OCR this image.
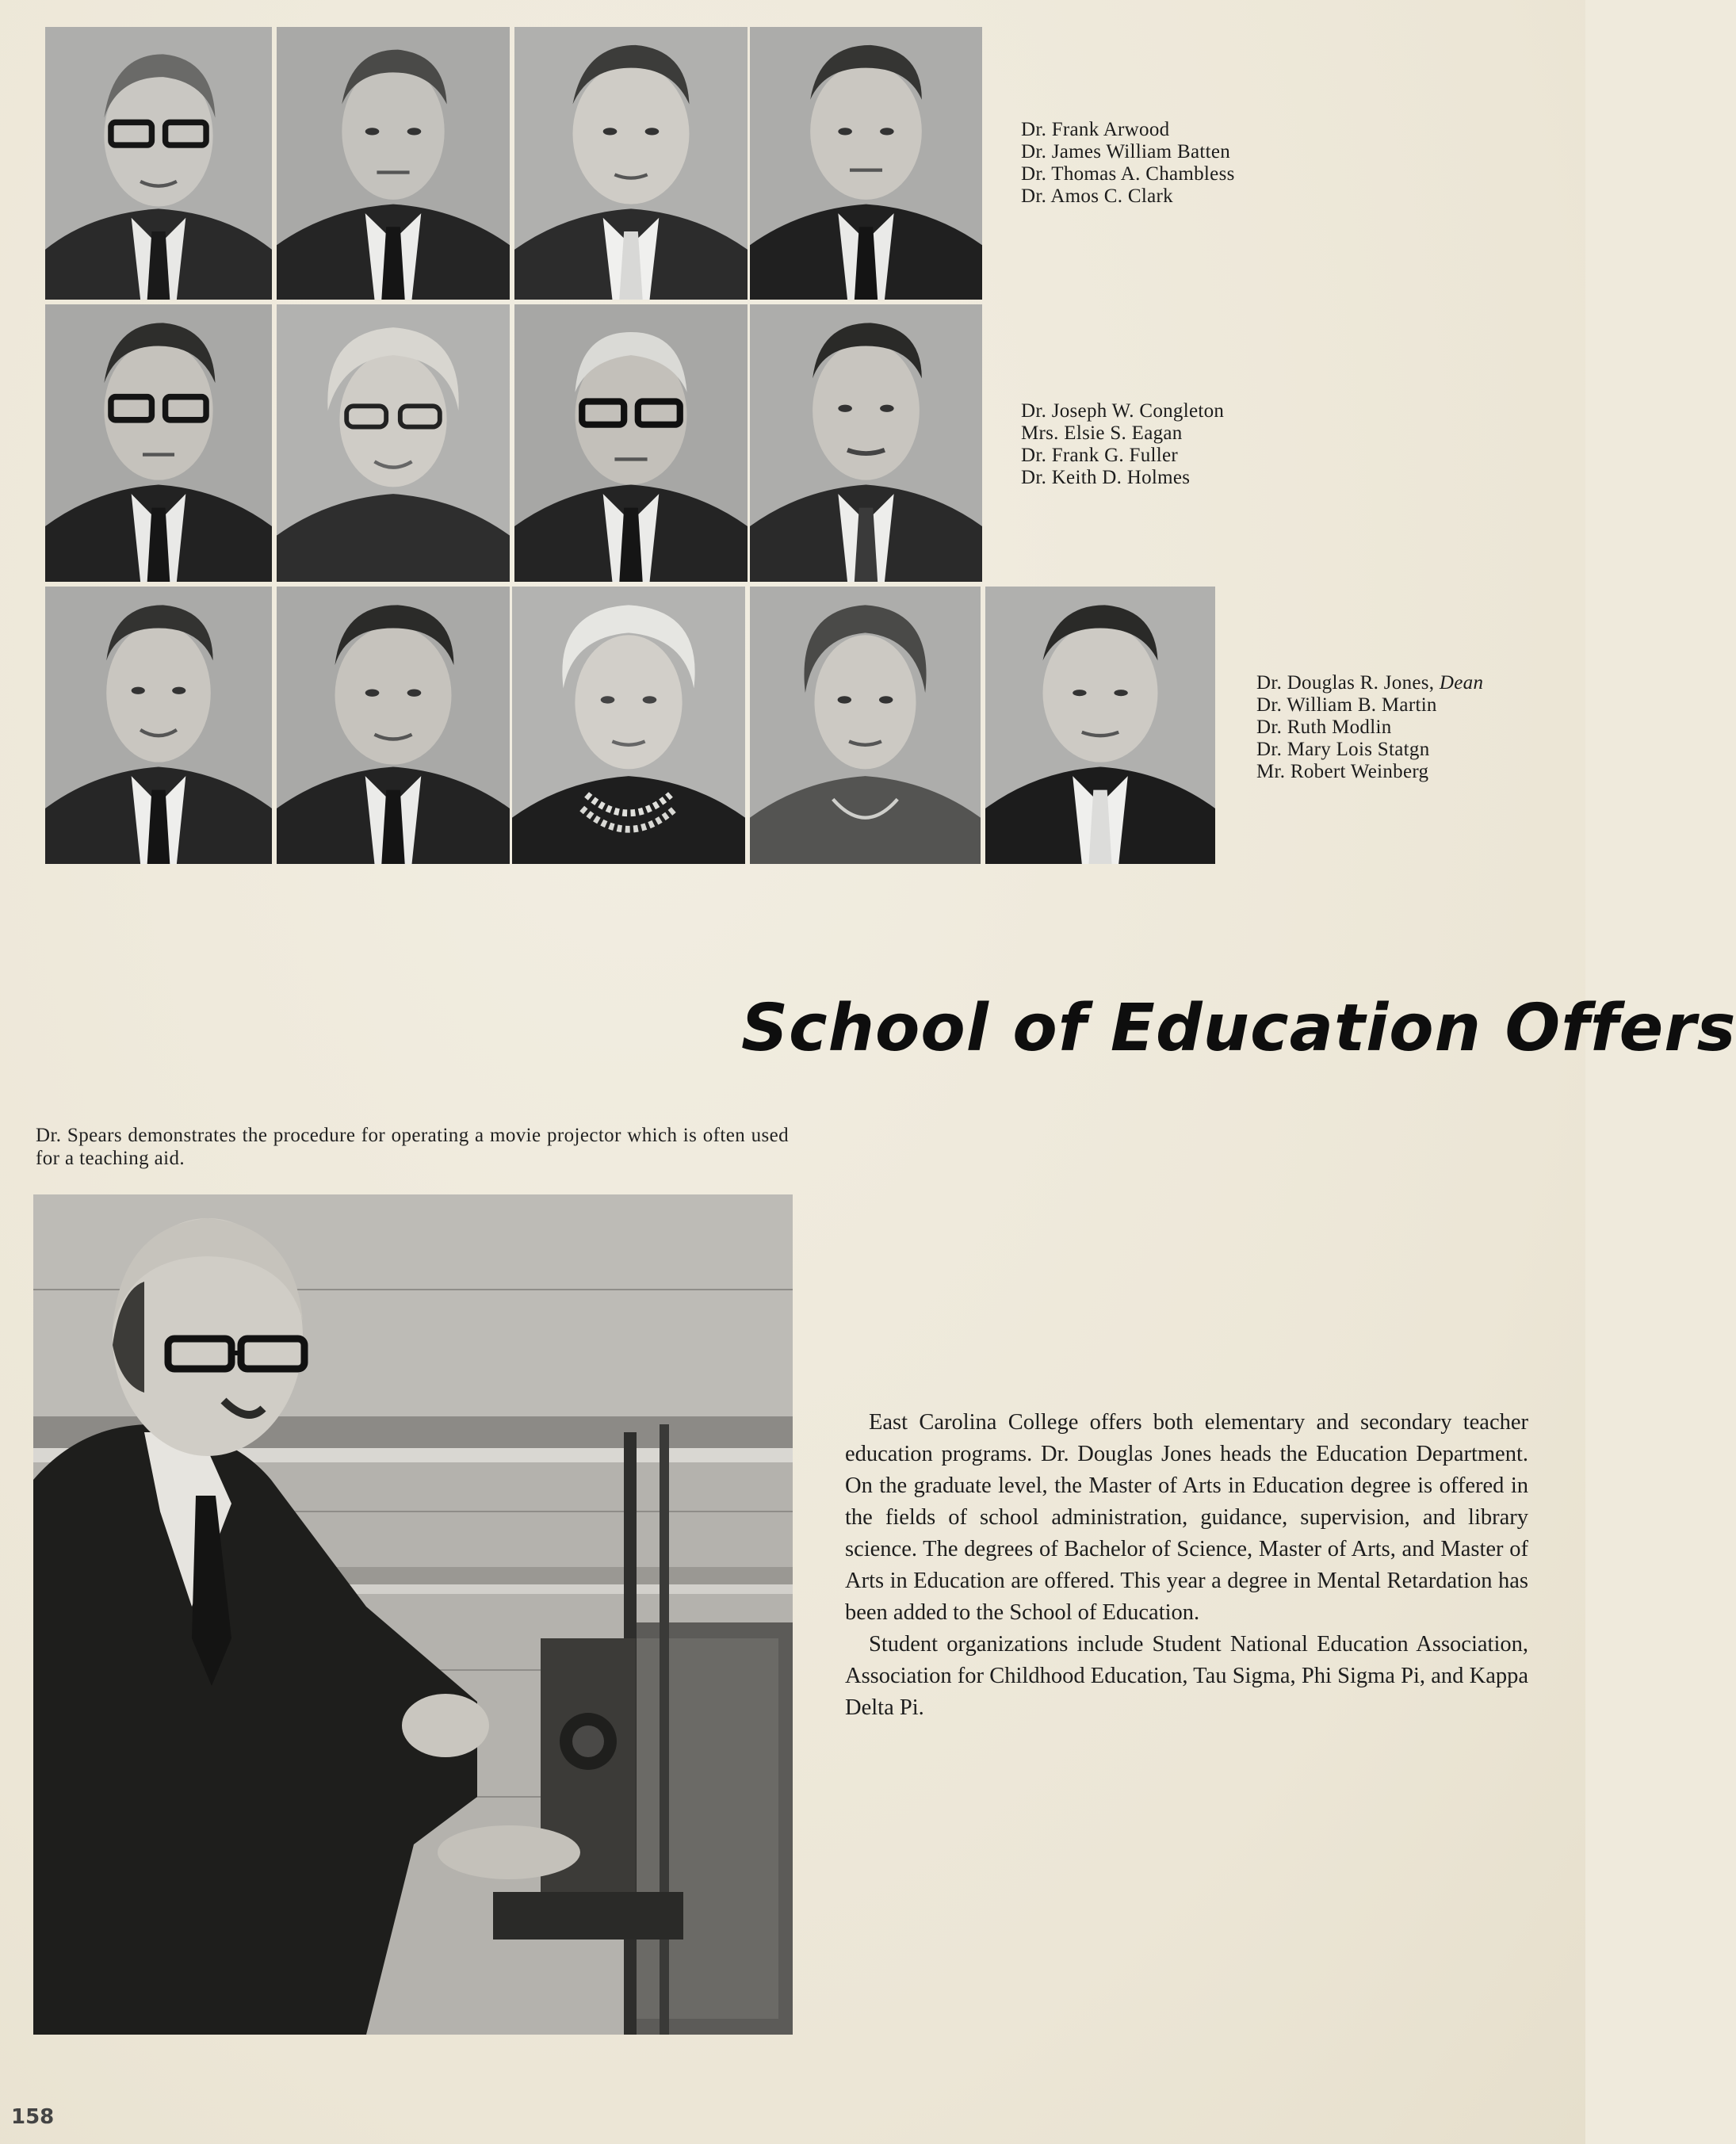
Dr. Frank Arwood
Dr. James William Batten
Dr. Thomas A. Chambless
Dr. Amos C. Clark
Dr. Joseph W. Congleton
Mrs. Elsie S. Eagan
Dr. Frank G. Fuller
Dr. Keith D. Holmes
Dr. Douglas R. Jones, Dean
Dr. William B. Martin
Dr. Ruth Modlin
Dr. Mary Lois Statgn
Mr. Robert Weinberg
School of Education Offers
Dr. Spears demonstrates the procedure for operating a movie projector which is often used for a teaching aid.

East Carolina College offers both elementary and secondary teacher education programs. Dr. Douglas Jones heads the Education Department. On the graduate level, the Master of Arts in Education degree is offered in the fields of school administration, guidance, supervision, and library science. The degrees of Bachelor of Science, Master of Arts, and Master of Arts in Education are offered. This year a degree in Mental Retardation has been added to the School of Education.

Student organizations include Student National Education Association, Association for Childhood Education, Tau Sigma, Phi Sigma Pi, and Kappa Delta Pi.

158
